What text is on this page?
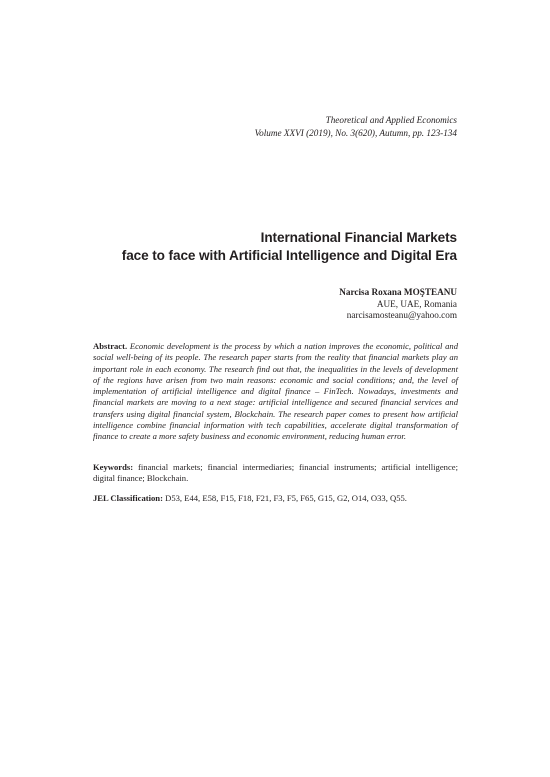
Theoretical and Applied Economics
Volume XXVI (2019), No. 3(620), Autumn, pp. 123-134
International Financial Markets
face to face with Artificial Intelligence and Digital Era
Narcisa Roxana MOŞTEANU
AUE, UAE, Romania
narcisamosteanu@yahoo.com
Abstract. Economic development is the process by which a nation improves the economic, political and social well-being of its people. The research paper starts from the reality that financial markets play an important role in each economy. The research find out that, the inequalities in the levels of development of the regions have arisen from two main reasons: economic and social conditions; and, the level of implementation of artificial intelligence and digital finance – FinTech. Nowadays, investments and financial markets are moving to a next stage: artificial intelligence and secured financial services and transfers using digital financial system, Blockchain. The research paper comes to present how artificial intelligence combine financial information with tech capabilities, accelerate digital transformation of finance to create a more safety business and economic environment, reducing human error.
Keywords: financial markets; financial intermediaries; financial instruments; artificial intelligence; digital finance; Blockchain.
JEL Classification: D53, E44, E58, F15, F18, F21, F3, F5, F65, G15, G2, O14, O33, Q55.
